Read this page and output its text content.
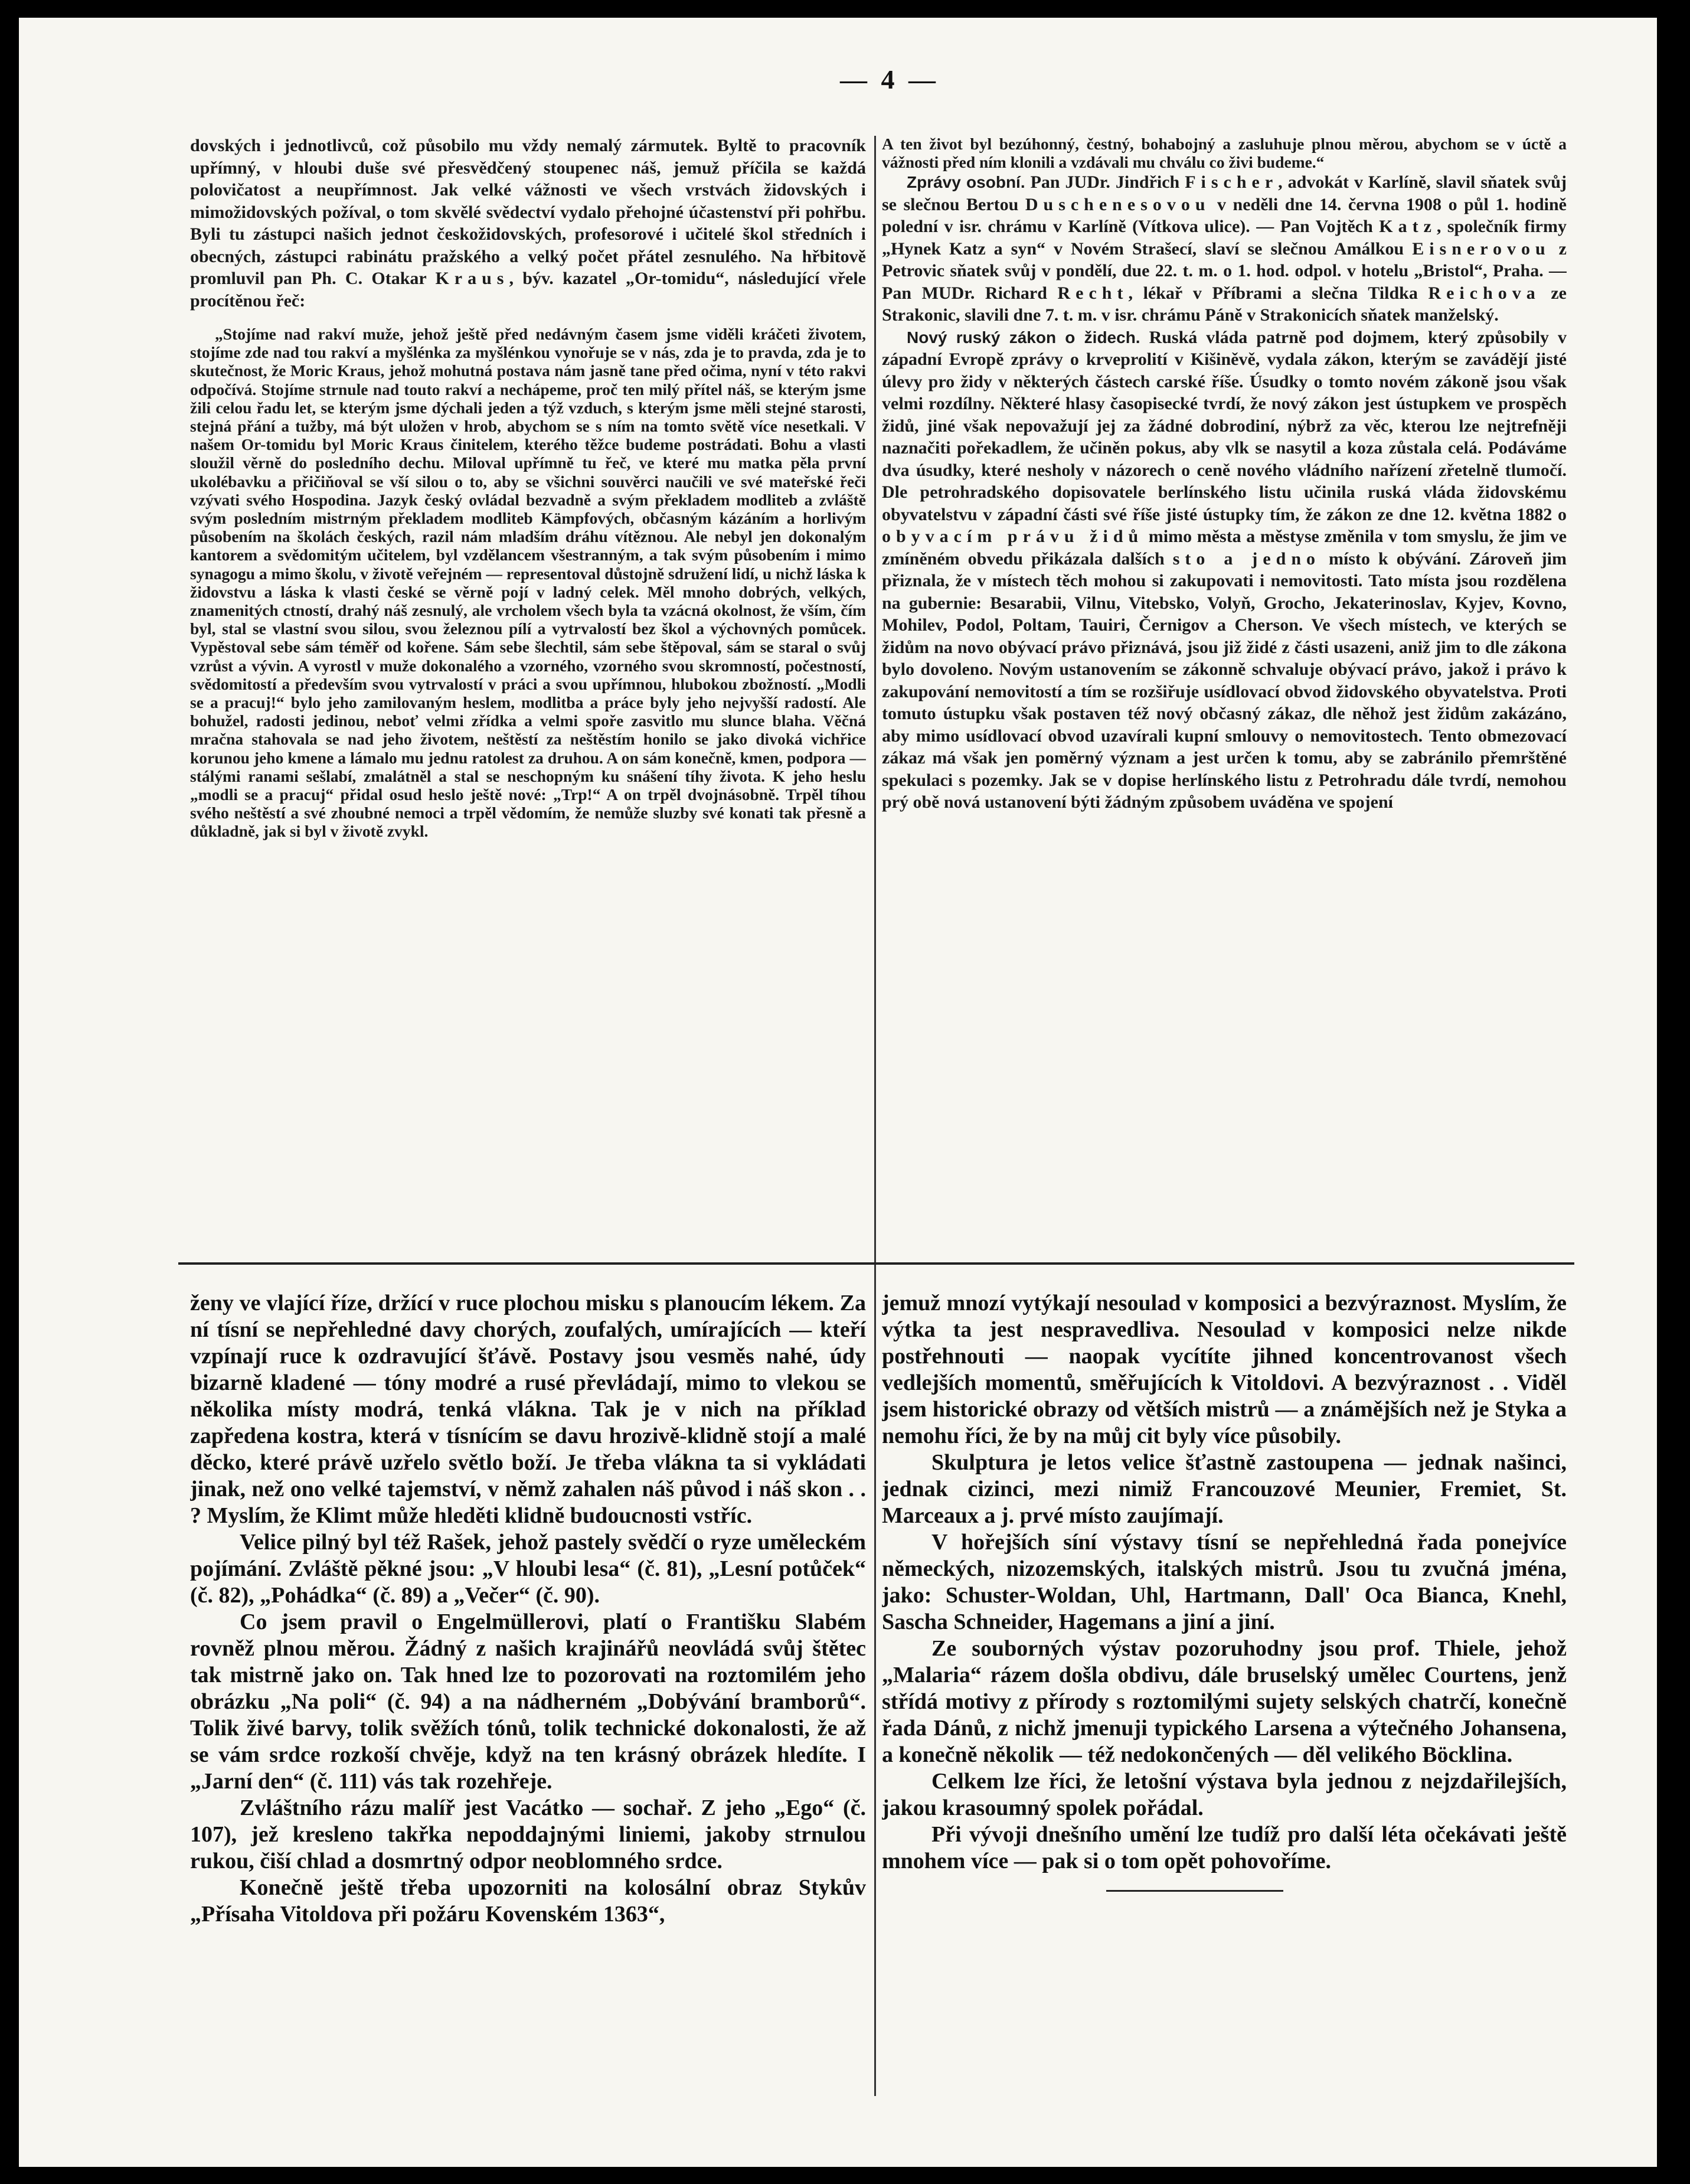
— 4 —

dovských i jednotlivců, což působilo mu vždy nemalý zármutek. Byltě to pracovník upřímný, v hloubi duše své přesvědčený stoupenec náš, jemuž příčila se každá polovičatost a neupřímnost. Jak velké vážnosti ve všech vrstvách židovských i mimožidovských požíval, o tom skvělé svědectví vydalo přehojné účastenství při pohřbu. Byli tu zástupci našich jednot českožidovských, profesorové i učitelé škol středních i obecných, zástupci rabinátu pražského a velký počet přátel zesnulého. Na hřbitově promluvil pan Ph. C. Otakar Kraus, býv. kazatel „Or-tomidu“, následující vřele procítěnou řeč:

„Stojíme nad rakví muže, jehož ještě před nedávným časem jsme viděli kráčeti životem, stojíme zde nad tou rakví a myšlénka za myšlénkou vynořuje se v nás, zda je to pravda, zda je to skutečnost, že Moric Kraus, jehož mohutná postava nám jasně tane před očima, nyní v této rakvi odpočívá. Stojíme strnule nad touto rakví a nechápeme, proč ten milý přítel náš, se kterým jsme žili celou řadu let, se kterým jsme dýchali jeden a týž vzduch, s kterým jsme měli stejné starosti, stejná přání a tužby, má být uložen v hrob, abychom se s ním na tomto světě více nesetkali. V našem Or-tomidu byl Moric Kraus činitelem, kterého těžce budeme postrádati. Bohu a vlasti sloužil věrně do posledního dechu. Miloval upřímně tu řeč, ve které mu matka pěla první ukolébavku a přičiňoval se vší silou o to, aby se všichni souvěrci naučili ve své mateřské řeči vzývati svého Hospodina. Jazyk český ovládal bezvadně a svým překladem modliteb a zvláště svým posledním mistrným překladem modliteb Kämpfových, občasným kázáním a horlivým působením na školách českých, razil nám mladším dráhu vítěznou. Ale nebyl jen dokonalým kantorem a svědomitým učitelem, byl vzdělancem všestranným, a tak svým působením i mimo synagogu a mimo školu, v životě veřejném — representoval důstojně sdružení lidí, u nichž láska k židovstvu a láska k vlasti české se věrně pojí v ladný celek. Měl mnoho dobrých, velkých, znamenitých ctností, drahý náš zesnulý, ale vrcholem všech byla ta vzácná okolnost, že vším, čím byl, stal se vlastní svou silou, svou železnou pílí a vytrvalostí bez škol a výchovných pomůcek. Vypěstoval sebe sám téměř od kořene. Sám sebe šlechtil, sám sebe štěpoval, sám se staral o svůj vzrůst a vývin. A vyrostl v muže dokonalého a vzorného, vzorného svou skromností, počestností, svědomitostí a především svou vytrvalostí v práci a svou upřímnou, hlubokou zbožností. „Modli se a pracuj!“ bylo jeho zamilovaným heslem, modlitba a práce byly jeho nejvyšší radostí. Ale bohužel, radosti jedinou, neboť velmi zřídka a velmi spoře zasvitlo mu slunce blaha. Věčná mračna stahovala se nad jeho životem, neštěstí za neštěstím honilo se jako divoká vichřice korunou jeho kmene a lámalo mu jednu ratolest za druhou. A on sám konečně, kmen, podpora — stálými ranami sešlabí, zmalátněl a stal se neschopným ku snášení tíhy života. K jeho heslu „modli se a pracuj“ přidal osud heslo ještě nové: „Trp!“ A on trpěl dvojnásobně. Trpěl tíhou svého neštěstí a své zhoubné nemoci a trpěl vědomím, že nemůže sluzby své konati tak přesně a důkladně, jak si byl v životě zvykl.

A ten život byl bezúhonný, čestný, bohabojný a zasluhuje plnou měrou, abychom se v úctě a vážnosti před ním klonili a vzdávali mu chválu co živi budeme.“

Zprávy osobní. Pan JUDr. Jindřich Fischer, advokát v Karlíně, slavil sňatek svůj se slečnou Bertou Duschenesovou v neděli dne 14. června 1908 o půl 1. hodině polední v isr. chrámu v Karlíně (Vítkova ulice). — Pan Vojtěch Katz, společník firmy „Hynek Katz a syn“ v Novém Strašecí, slaví se slečnou Amálkou Eisnerovou z Petrovic sňatek svůj v pondělí, due 22. t. m. o 1. hod. odpol. v hotelu „Bristol“, Praha. — Pan MUDr. Richard Recht, lékař v Příbrami a slečna Tildka Reichova ze Strakonic, slavili dne 7. t. m. v isr. chrámu Páně v Strakonicích sňatek manželský.

Nový ruský zákon o židech. Ruská vláda patrně pod dojmem, který způsobily v západní Evropě zprávy o krveprolití v Kišiněvě, vydala zákon, kterým se zavádějí jisté úlevy pro židy v některých částech carské říše. Úsudky o tomto novém zákoně jsou však velmi rozdílny. Některé hlasy časopisecké tvrdí, že nový zákon jest ústupkem ve prospěch židů, jiné však nepovažují jej za žádné dobrodiní, nýbrž za věc, kterou lze nejtrefněji naznačiti pořekadlem, že učiněn pokus, aby vlk se nasytil a koza zůstala celá. Podáváme dva úsudky, které nesholy v názorech o ceně nového vládního nařízení zřetelně tlumočí. Dle petrohradského dopisovatele berlínského listu učinila ruská vláda židovskému obyvatelstvu v západní části své říše jisté ústupky tím, že zákon ze dne 12. května 1882 o obyvacím právu židů mimo města a městyse změnila v tom smyslu, že jim ve zmíněném obvedu přikázala dalších sto a jedno místo k obývání. Zároveň jim přiznala, že v místech těch mohou si zakupovati i nemovitosti. Tato místa jsou rozdělena na gubernie: Besarabii, Vilnu, Vitebsko, Volyň, Grocho, Jekaterinoslav, Kyjev, Kovno, Mohilev, Podol, Poltam, Tauiri, Černigov a Cherson. Ve všech místech, ve kterých se židům na novo obývací právo přiznává, jsou již židé z části usazeni, aniž jim to dle zákona bylo dovoleno. Novým ustanovením se zákonně schvaluje obývací právo, jakož i právo k zakupování nemovitostí a tím se rozšiřuje usídlovací obvod židovského obyvatelstva. Proti tomuto ústupku však postaven též nový občasný zákaz, dle něhož jest židům zakázáno, aby mimo usídlovací obvod uzavírali kupní smlouvy o nemovitostech. Tento obmezovací zákaz má však jen poměrný význam a jest určen k tomu, aby se zabránilo přemrštěné spekulaci s pozemky. Jak se v dopise herlínského listu z Petrohradu dále tvrdí, nemohou prý obě nová ustanovení býti žádným způsobem uváděna ve spojení

ženy ve vlající říze, držící v ruce plochou misku s planoucím lékem. Za ní tísní se nepřehledné davy chorých, zoufalých, umírajících — kteří vzpínají ruce k ozdravující šťávě. Postavy jsou vesměs nahé, údy bizarně kladené — tóny modré a rusé převládají, mimo to vlekou se několika místy modrá, tenká vlákna. Tak je v nich na příklad zapředena kostra, která v tísnícím se davu hrozivě-klidně stojí a malé děcko, které právě uzřelo světlo boží. Je třeba vlákna ta si vykládati jinak, než ono velké tajemství, v němž zahalen náš původ i náš skon . . ? Myslím, že Klimt může hleděti klidně budoucnosti vstříc.

Velice pilný byl též Rašek, jehož pastely svědčí o ryze uměleckém pojímání. Zvláště pěkné jsou: „V hloubi lesa“ (č. 81), „Lesní potůček“ (č. 82), „Pohádka“ (č. 89) a „Večer“ (č. 90).

Co jsem pravil o Engelmüllerovi, platí o Františku Slabém rovněž plnou měrou. Žádný z našich krajinářů neovládá svůj štětec tak mistrně jako on. Tak hned lze to pozorovati na roztomilém jeho obrázku „Na poli“ (č. 94) a na nádherném „Dobývání bramborů“. Tolik živé barvy, tolik svěžích tónů, tolik technické dokonalosti, že až se vám srdce rozkoší chvěje, když na ten krásný obrázek hledíte. I „Jarní den“ (č. 111) vás tak rozehřeje.

Zvláštního rázu malíř jest Vacátko — sochař. Z jeho „Ego“ (č. 107), jež kresleno takřka nepoddajnými liniemi, jakoby strnulou rukou, čiší chlad a dosmrtný odpor neoblomného srdce.

Konečně ještě třeba upozorniti na kolosální obraz Stykův „Přísaha Vitoldova při požáru Kovenském 1363“,

jemuž mnozí vytýkají nesoulad v komposici a bezvýraznost. Myslím, že výtka ta jest nespravedliva. Nesoulad v komposici nelze nikde postřehnouti — naopak vycítíte jihned koncentrovanost všech vedlejších momentů, směřujících k Vitoldovi. A bezvýraznost . . Viděl jsem historické obrazy od větších mistrů — a známějších než je Styka a nemohu říci, že by na můj cit byly více působily.

Skulptura je letos velice šťastně zastoupena — jednak našinci, jednak cizinci, mezi nimiž Francouzové Meunier, Fremiet, St. Marceaux a j. prvé místo zaujímají.

V hořejších síní výstavy tísní se nepřehledná řada ponejvíce německých, nizozemských, italských mistrů. Jsou tu zvučná jména, jako: Schuster-Woldan, Uhl, Hartmann, Dall' Oca Bianca, Knehl, Sascha Schneider, Hagemans a jiní a jiní.

Ze souborných výstav pozoruhodny jsou prof. Thiele, jehož „Malaria“ rázem došla obdivu, dále bruselský umělec Courtens, jenž střídá motivy z přírody s roztomilými sujety selských chatrčí, konečně řada Dánů, z nichž jmenuji typického Larsena a výtečného Johansena, a konečně několik — též nedokončených — děl velikého Böcklina.

Celkem lze říci, že letošní výstava byla jednou z nejzdařilejších, jakou krasoumný spolek pořádal.

Při vývoji dnešního umění lze tudíž pro další léta očekávati ještě mnohem více — pak si o tom opět pohovoříme.
